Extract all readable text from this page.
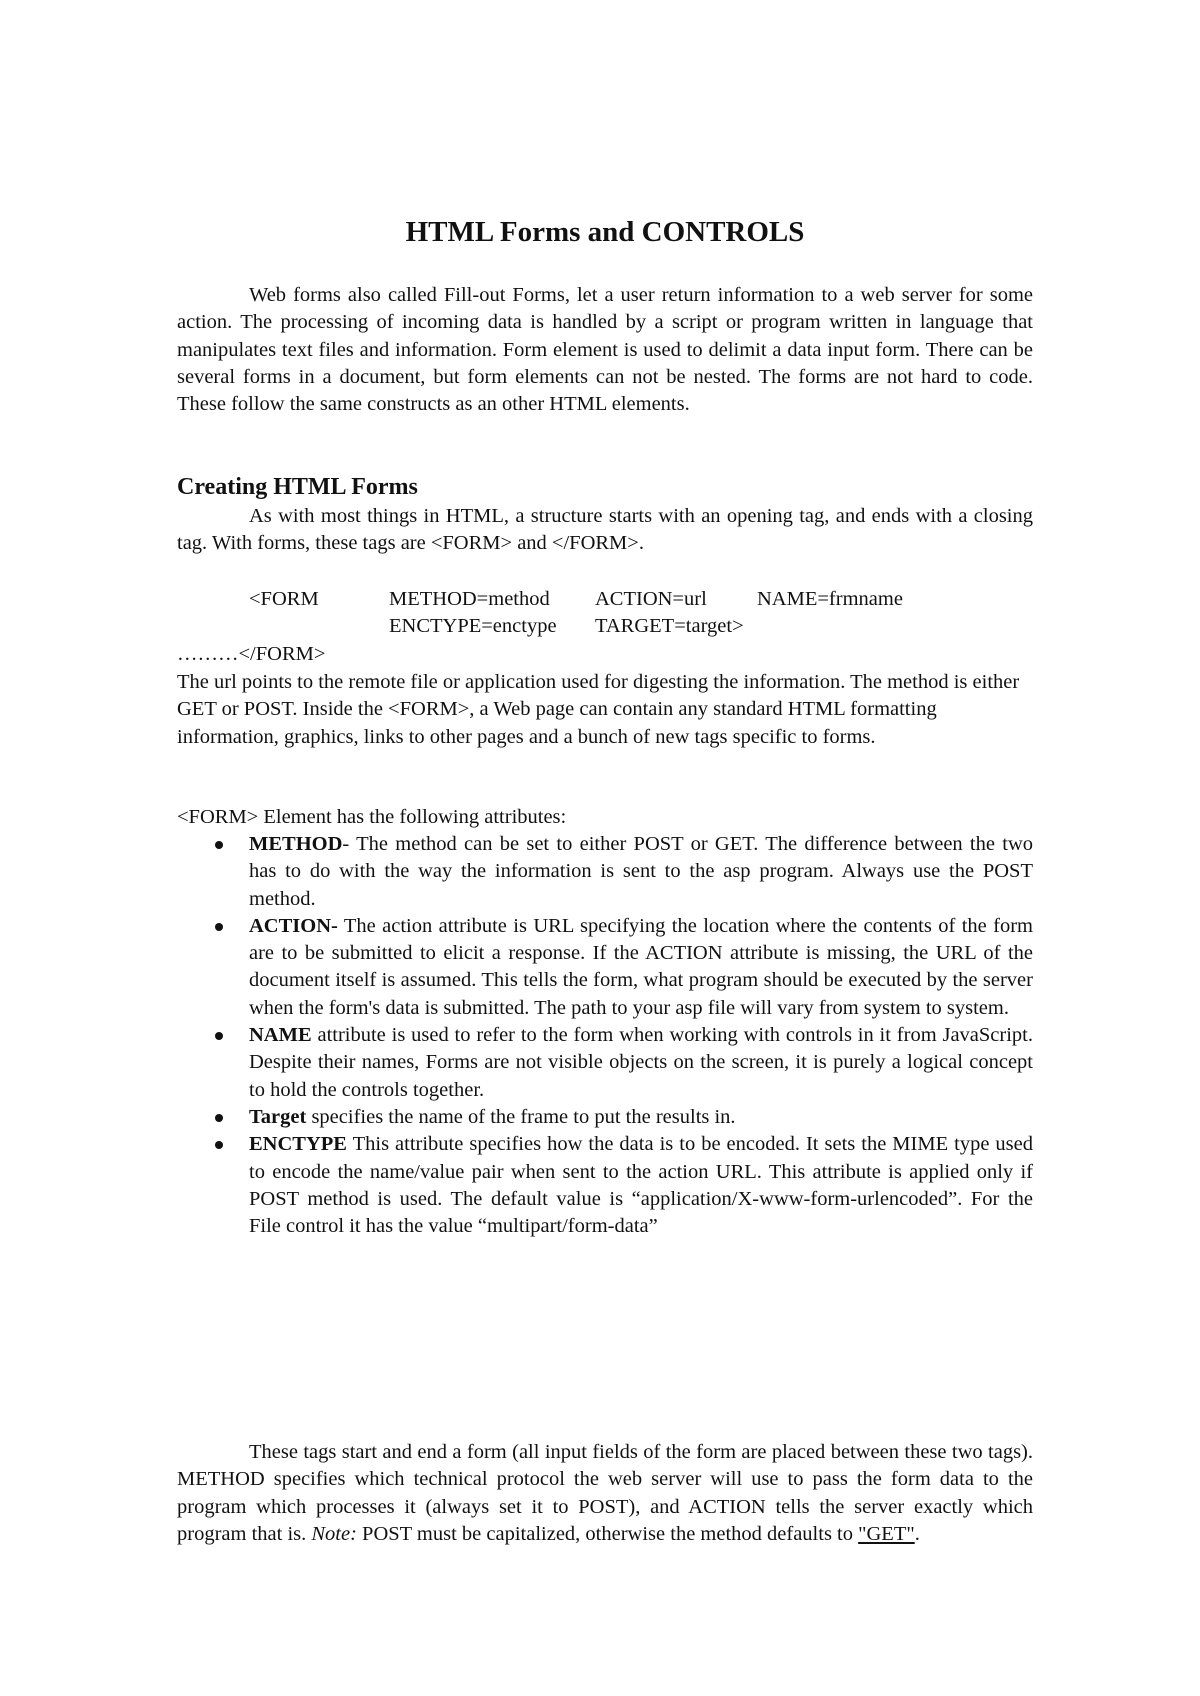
HTML Forms and CONTROLS

Web forms also called Fill-out Forms, let a user return information to a web server for some action. The processing of incoming data is handled by a script or program written in language that manipulates text files and information. Form element is used to delimit a data input form. There can be several forms in a document, but form elements can not be nested. The forms are not hard to code. These follow the same constructs as an other HTML elements.

Creating HTML Forms

As with most things in HTML, a structure starts with an opening tag, and ends with a closing tag. With forms, these tags are <FORM> and </FORM>.

<FORM	METHOD=method ACTION=url NAME=frmname
ENCTYPE=enctype TARGET=target>
………</FORM>

The url points to the remote file or application used for digesting the information. The method is either GET or POST. Inside the <FORM>, a Web page can contain any standard HTML formatting information, graphics, links to other pages and a bunch of new tags specific to forms.

<FORM> Element has the following attributes:

METHOD- The method can be set to either POST or GET. The difference between the two has to do with the way the information is sent to the asp program. Always use the POST method.
ACTION- The action attribute is URL specifying the location where the contents of the form are to be submitted to elicit a response. If the ACTION attribute is missing, the URL of the document itself is assumed. This tells the form, what program should be executed by the server when the form's data is submitted. The path to your asp file will vary from system to system.
NAME attribute is used to refer to the form when working with controls in it from JavaScript. Despite their names, Forms are not visible objects on the screen, it is purely a logical concept to hold the controls together.
Target specifies the name of the frame to put the results in.
ENCTYPE This attribute specifies how the data is to be encoded. It sets the MIME type used to encode the name/value pair when sent to the action URL. This attribute is applied only if POST method is used. The default value is “application/X-www-form-urlencoded”. For the File control it has the value “multipart/form-data”

These tags start and end a form (all input fields of the form are placed between these two tags). METHOD specifies which technical protocol the web server will use to pass the form data to the program which processes it (always set it to POST), and ACTION tells the server exactly which program that is. Note: POST must be capitalized, otherwise the method defaults to "GET".
